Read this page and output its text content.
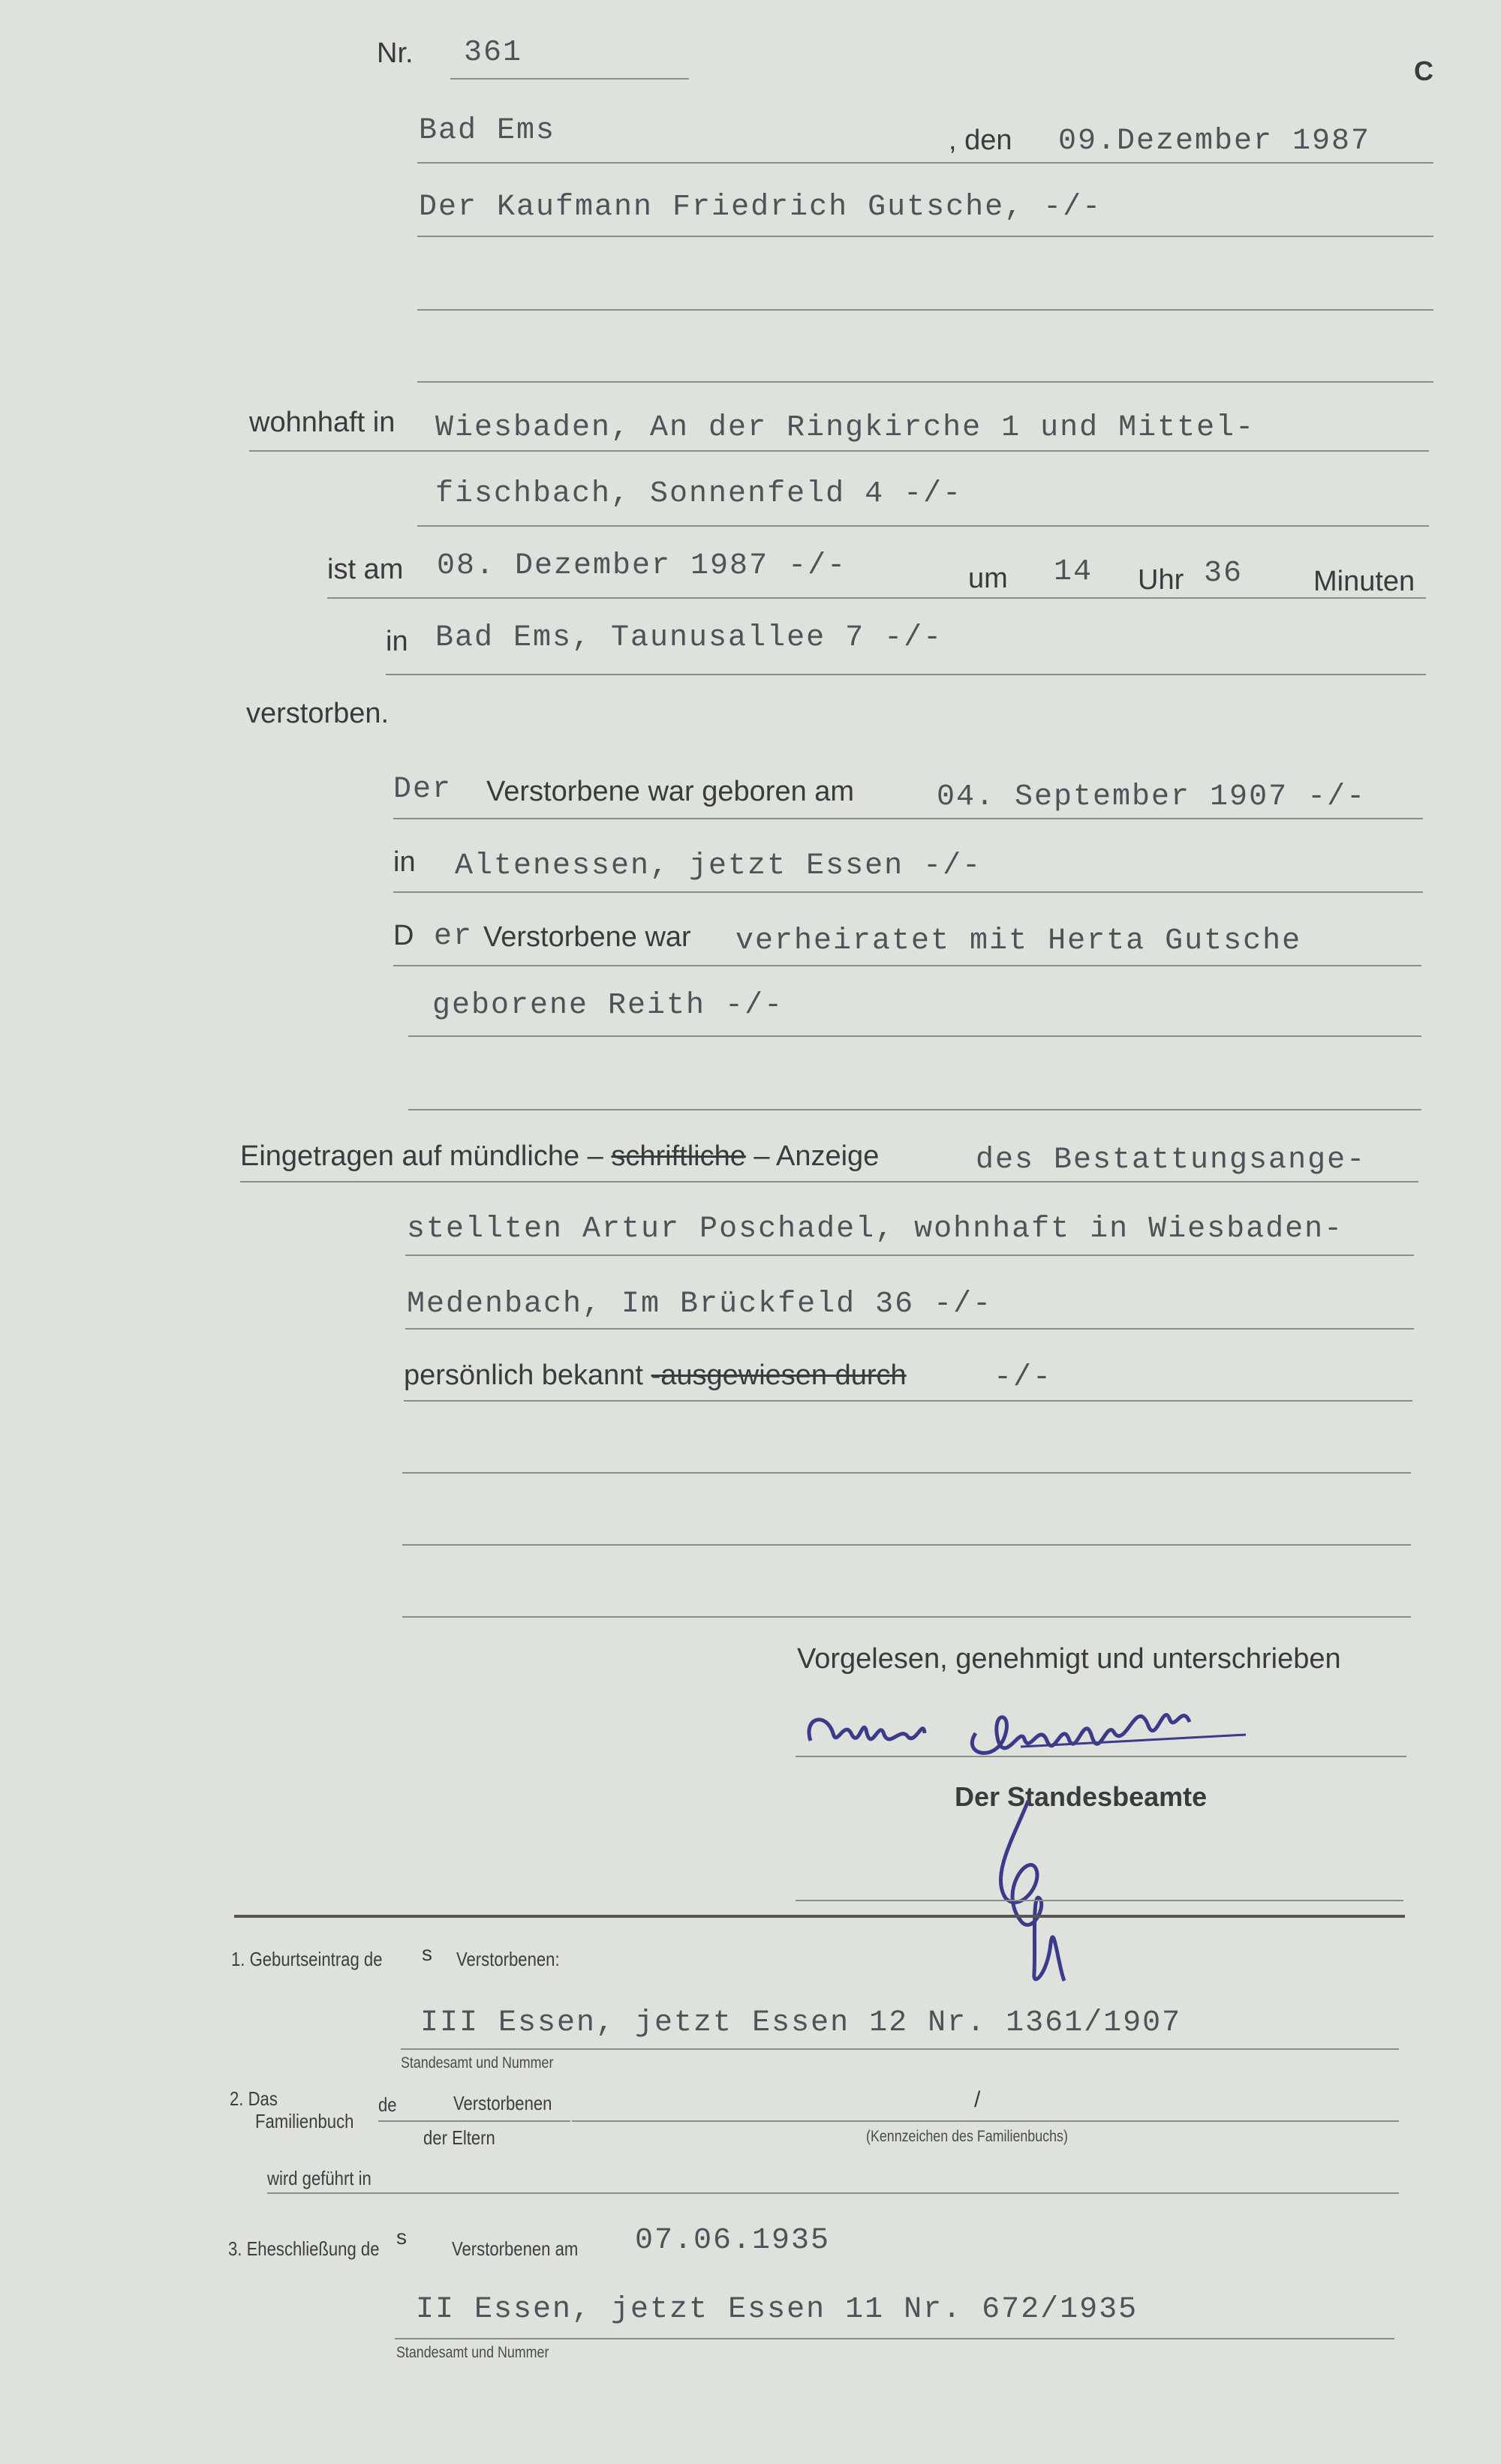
Nr. 361
C
Bad Ems	, den 09.Dezember 1987
Der Kaufmann Friedrich Gutsche, -/-
wohnhaft in Wiesbaden, An der Ringkirche 1 und Mittel-
fischbach, Sonnenfeld 4 -/-
ist am 08. Dezember 1987 -/-	um 14 Uhr 36 Minuten
in Bad Ems, Taunusallee 7 -/-
verstorben.
Der Verstorbene war geboren am	04. September 1907 -/-
in Altenessen, jetzt Essen -/-
D er Verstorbene war verheiratet mit Herta Gutsche
geborene Reith -/-
Eingetragen auf mündliche – schriftliche – Anzeige	des Bestattungsange-
stellten Artur Poschadel, wohnhaft in Wiesbaden-
Medenbach, Im Brückfeld 36 -/-
persönlich bekannt -ausgewiesen durch	-/-
Vorgelesen, genehmigt und unterschrieben
Der Standesbeamte
1. Geburtseintrag de s Verstorbenen:
III Essen, jetzt Essen 12 Nr. 1361/1907
Standesamt und Nummer
2. Das
Familienbuch
de	Verstorbenen
der Eltern
/
(Kennzeichen des Familienbuchs)
wird geführt in
3. Eheschließung de s Verstorbenen am 07.06.1935
II Essen, jetzt Essen 11 Nr. 672/1935
Standesamt und Nummer
